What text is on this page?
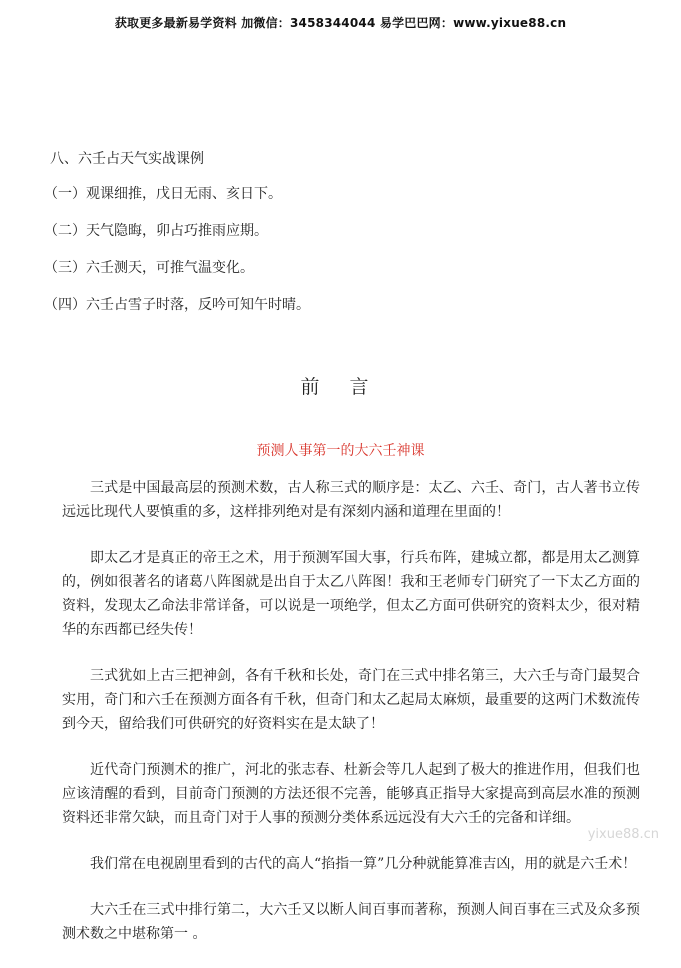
获取更多最新易学资料 加微信：3458344044 易学巴巴网：www.yixue88.cn
八、六壬占天气实战课例
（一）观课细推，戊日无雨、亥日下。
（二）天气隐晦，卯占巧推雨应期。
（三）六壬测天，可推气温变化。
（四）六壬占雪子时落，反吟可知午时晴。
前 言
预测人事第一的大六壬神课

三式是中国最高层的预测术数，古人称三式的顺序是：太乙、六壬、奇门，古人著书立传远远比现代人要慎重的多，这样排列绝对是有深刻内涵和道理在里面的！

即太乙才是真正的帝王之术，用于预测军国大事，行兵布阵，建城立都，都是用太乙测算的，例如很著名的诸葛八阵图就是出自于太乙八阵图！我和王老师专门研究了一下太乙方面的资料，发现太乙命法非常详备，可以说是一项绝学，但太乙方面可供研究的资料太少，很对精华的东西都已经失传！

三式犹如上古三把神剑，各有千秋和长处，奇门在三式中排名第三，大六壬与奇门最契合实用，奇门和六壬在预测方面各有千秋，但奇门和太乙起局太麻烦，最重要的这两门术数流传到今天，留给我们可供研究的好资料实在是太缺了！

近代奇门预测术的推广，河北的张志春、杜新会等几人起到了极大的推进作用，但我们也应该清醒的看到，目前奇门预测的方法还很不完善，能够真正指导大家提高到高层水准的预测资料还非常欠缺，而且奇门对于人事的预测分类体系远远没有大六壬的完备和详细。

我们常在电视剧里看到的古代的高人“掐指一算”几分种就能算准吉凶，用的就是六壬术！

大六壬在三式中排行第二，大六壬又以断人间百事而著称，预测人间百事在三式及众多预测术数之中堪称第一 。

yixue88.cn
